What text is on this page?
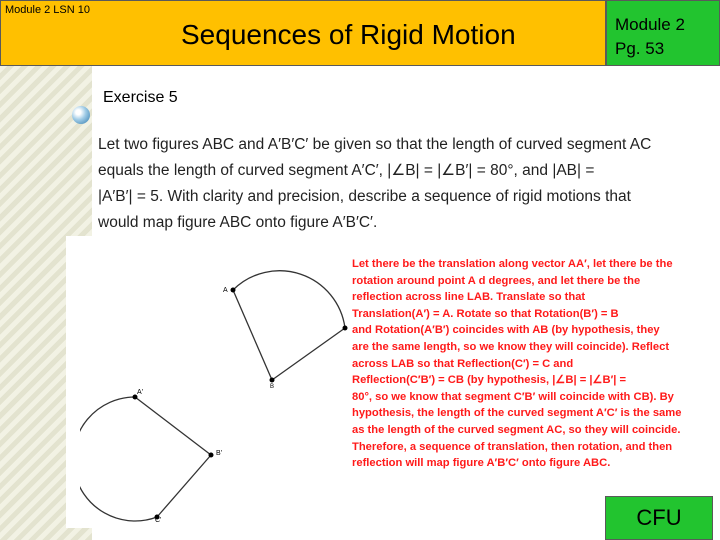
Module 2 LSN 10
Sequences of Rigid Motion	Module 2
Pg. 53
Exercise 5
Let two figures ABC and A′B′C′ be given so that the length of curved segment AC
equals the length of curved segment A′C′, |∠B| = |∠B′| = 80°, and |AB| =
|A′B′| = 5. With clarity and precision, describe a sequence of rigid motions that
would map figure ABC onto figure A′B′C′.
A
B
A'
B'
C'
Let there be the translation along vector AA′, let there be the
rotation around point A d degrees, and let there be the
reflection across line LAB. Translate so that
Translation(A′) = A. Rotate so that Rotation(B′) = B
and Rotation(A′B′) coincides with AB (by hypothesis, they
are the same length, so we know they will coincide). Reflect
across LAB so that Reflection(C′) = C and
Reflection(C′B′) = CB (by hypothesis, |∠B| = |∠B′| =
80°, so we know that segment C′B′ will coincide with CB). By
hypothesis, the length of the curved segment A′C′ is the same
as the length of the curved segment AC, so they will coincide.
Therefore, a sequence of translation, then rotation, and then
reflection will map figure A′B′C′ onto figure ABC.
CFU
